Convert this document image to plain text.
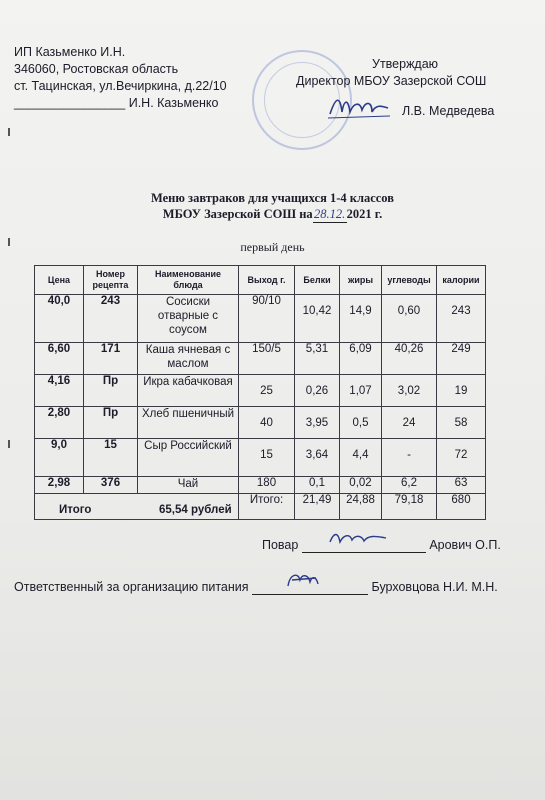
ИП Казьменко И.Н.
346060, Ростовская область
ст. Тацинская, ул.Вечиркина, д.22/10
________________ И.Н. Казьменко
Утверждаю
Директор МБОУ Зазерской СОШ
Л.В. Медведева
Меню завтраков для учащихся 1-4 классов
МБОУ Зазерской СОШ на28.12.2021 г.
первый день
Цена	Номер рецепта	Наименование блюда	Выход г.	Белки	жиры	углеводы	калории
40,0	243	Сосиски отварные с соусом	90/10	10,42	14,9	0,60	243
6,60	171	Каша ячневая с маслом	150/5	5,31	6,09	40,26	249
4,16	Пр	Икра кабачковая	25	0,26	1,07	3,02	19
2,80	Пр	Хлеб пшеничный	40	3,95	0,5	24	58
9,0	15	Сыр Российский	15	3,64	4,4	-	72
2,98	376	Чай	180	0,1	0,02	6,2	63
Итого 65,54 рублей			Итого:	21,49	24,88	79,18	680
Повар	Арович О.П.
Ответственный за организацию питания	Бурховцова Н.И. М.Н.
